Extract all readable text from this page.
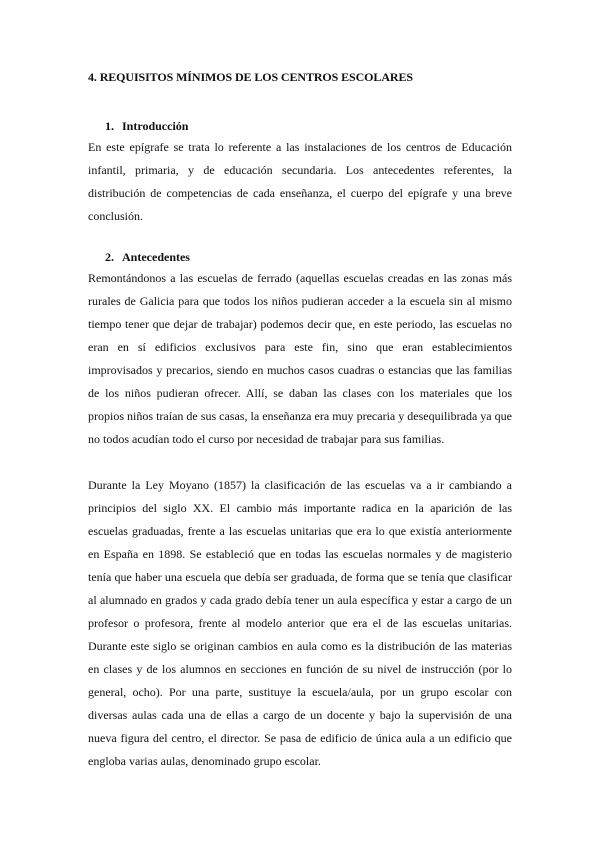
4. REQUISITOS MÍNIMOS DE LOS CENTROS ESCOLARES
1. Introducción

En este epígrafe se trata lo referente a las instalaciones de los centros de Educación infantil, primaria, y de educación secundaria. Los antecedentes referentes, la distribución de competencias de cada enseñanza, el cuerpo del epígrafe y una breve conclusión.

2. Antecedentes

Remontándonos a las escuelas de ferrado (aquellas escuelas creadas en las zonas más rurales de Galicia para que todos los niños pudieran acceder a la escuela sin al mismo tiempo tener que dejar de trabajar) podemos decir que, en este periodo, las escuelas no eran en sí edificios exclusivos para este fin, sino que eran establecimientos improvisados y precarios, siendo en muchos casos cuadras o estancias que las familias de los niños pudieran ofrecer. Allí, se daban las clases con los materiales que los propios niños traían de sus casas, la enseñanza era muy precaria y desequilibrada ya que no todos acudían todo el curso por necesidad de trabajar para sus familias.

Durante la Ley Moyano (1857) la clasificación de las escuelas va a ir cambiando a principios del siglo XX. El cambio más importante radica en la aparición de las escuelas graduadas, frente a las escuelas unitarias que era lo que existía anteriormente en España en 1898. Se estableció que en todas las escuelas normales y de magisterio tenía que haber una escuela que debía ser graduada, de forma que se tenía que clasificar al alumnado en grados y cada grado debía tener un aula específica y estar a cargo de un profesor o profesora, frente al modelo anterior que era el de las escuelas unitarias. Durante este siglo se originan cambios en aula como es la distribución de las materias en clases y de los alumnos en secciones en función de su nivel de instrucción (por lo general, ocho). Por una parte, sustituye la escuela/aula, por un grupo escolar con diversas aulas cada una de ellas a cargo de un docente y bajo la supervisión de una nueva figura del centro, el director. Se pasa de edificio de única aula a un edificio que engloba varias aulas, denominado grupo escolar.
